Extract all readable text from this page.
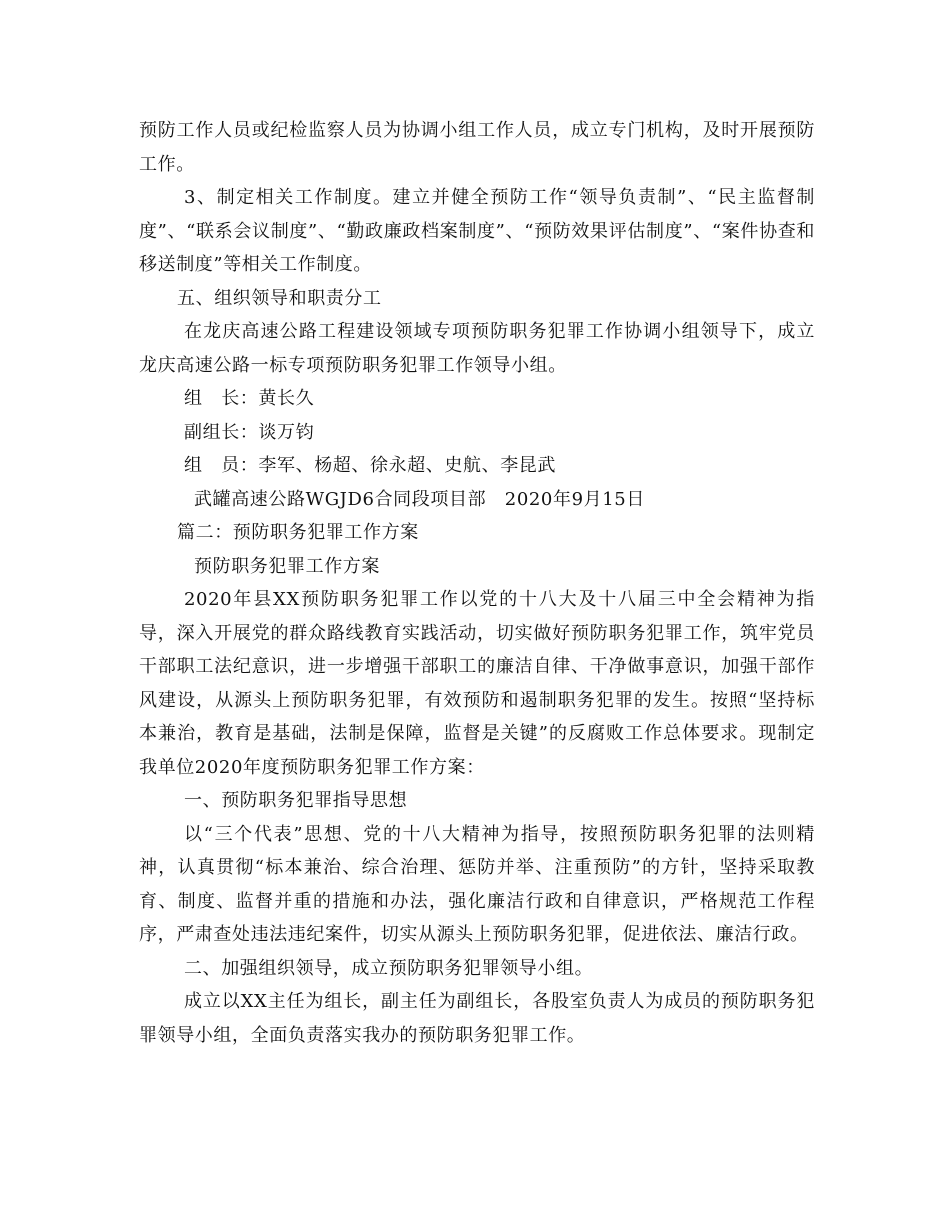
预防工作人员或纪检监察人员为协调小组工作人员，成立专门机构，及时开展预防工作。

3、制定相关工作制度。建立并健全预防工作“领导负责制”、“民主监督制度”、“联系会议制度”、“勤政廉政档案制度”、“预防效果评估制度”、“案件协查和移送制度”等相关工作制度。

五、组织领导和职责分工

在龙庆高速公路工程建设领域专项预防职务犯罪工作协调小组领导下，成立龙庆高速公路一标专项预防职务犯罪工作领导小组。

组　长：黄长久

副组长：谈万钧

组　员：李军、杨超、徐永超、史航、李昆武

武罐高速公路WGJD6合同段项目部　2020年9月15日

篇二：预防职务犯罪工作方案

预防职务犯罪工作方案

2020年县XX预防职务犯罪工作以党的十八大及十八届三中全会精神为指导，深入开展党的群众路线教育实践活动，切实做好预防职务犯罪工作，筑牢党员干部职工法纪意识，进一步增强干部职工的廉洁自律、干净做事意识，加强干部作风建设，从源头上预防职务犯罪，有效预防和遏制职务犯罪的发生。按照“坚持标本兼治，教育是基础，法制是保障，监督是关键”的反腐败工作总体要求。现制定我单位2020年度预防职务犯罪工作方案：

一、预防职务犯罪指导思想

以“三个代表”思想、党的十八大精神为指导，按照预防职务犯罪的法则精神，认真贯彻“标本兼治、综合治理、惩防并举、注重预防”的方针，坚持采取教育、制度、监督并重的措施和办法，强化廉洁行政和自律意识，严格规范工作程序，严肃查处违法违纪案件，切实从源头上预防职务犯罪，促进依法、廉洁行政。

二、加强组织领导，成立预防职务犯罪领导小组。

成立以XX主任为组长，副主任为副组长，各股室负责人为成员的预防职务犯罪领导小组，全面负责落实我办的预防职务犯罪工作。
